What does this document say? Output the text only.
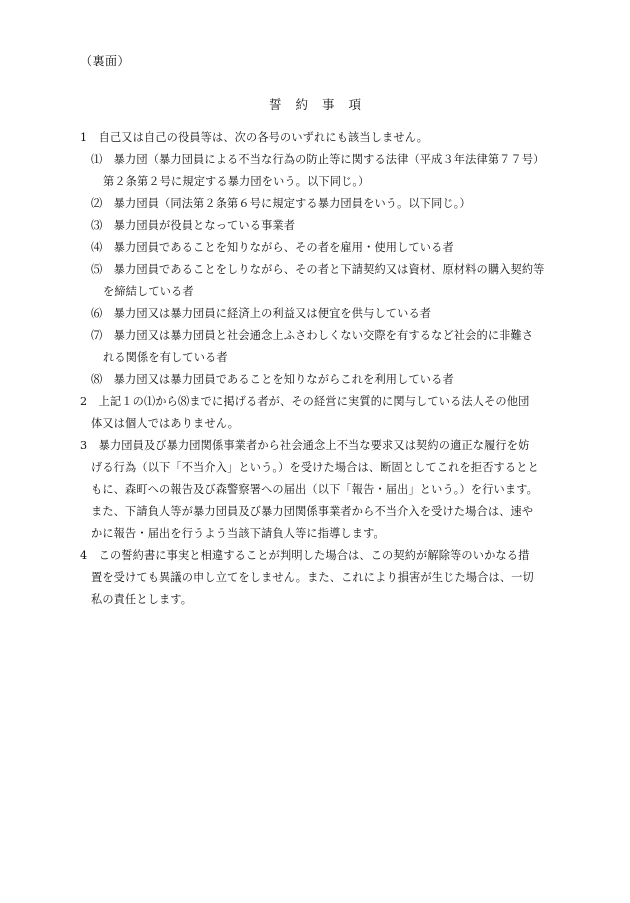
（裏面）
誓約事項
1　自己又は自己の役員等は、次の各号のいずれにも該当しません。
⑴　暴力団（暴力団員による不当な行為の防止等に関する法律（平成３年法律第７７号）
第２条第２号に規定する暴力団をいう。以下同じ。）
⑵　暴力団員（同法第２条第６号に規定する暴力団員をいう。以下同じ。）
⑶　暴力団員が役員となっている事業者
⑷　暴力団員であることを知りながら、その者を雇用・使用している者
⑸　暴力団員であることをしりながら、その者と下請契約又は資材、原材料の購入契約等
を締結している者
⑹　暴力団又は暴力団員に経済上の利益又は便宜を供与している者
⑺　暴力団又は暴力団員と社会通念上ふさわしくない交際を有するなど社会的に非難さ
れる関係を有している者
⑻　暴力団又は暴力団員であることを知りながらこれを利用している者
2　上記１の⑴から⑻までに掲げる者が、その経営に実質的に関与している法人その他団
体又は個人ではありません。
3　暴力団員及び暴力団関係事業者から社会通念上不当な要求又は契約の適正な履行を妨
げる行為（以下「不当介入」という。）を受けた場合は、断固としてこれを拒否するとと
もに、森町への報告及び森警察署への届出（以下「報告・届出」という。）を行います。
また、下請負人等が暴力団員及び暴力団関係事業者から不当介入を受けた場合は、速や
かに報告・届出を行うよう当該下請負人等に指導します。
4　この誓約書に事実と相違することが判明した場合は、この契約が解除等のいかなる措
置を受けても異議の申し立てをしません。また、これにより損害が生じた場合は、一切
私の責任とします。
